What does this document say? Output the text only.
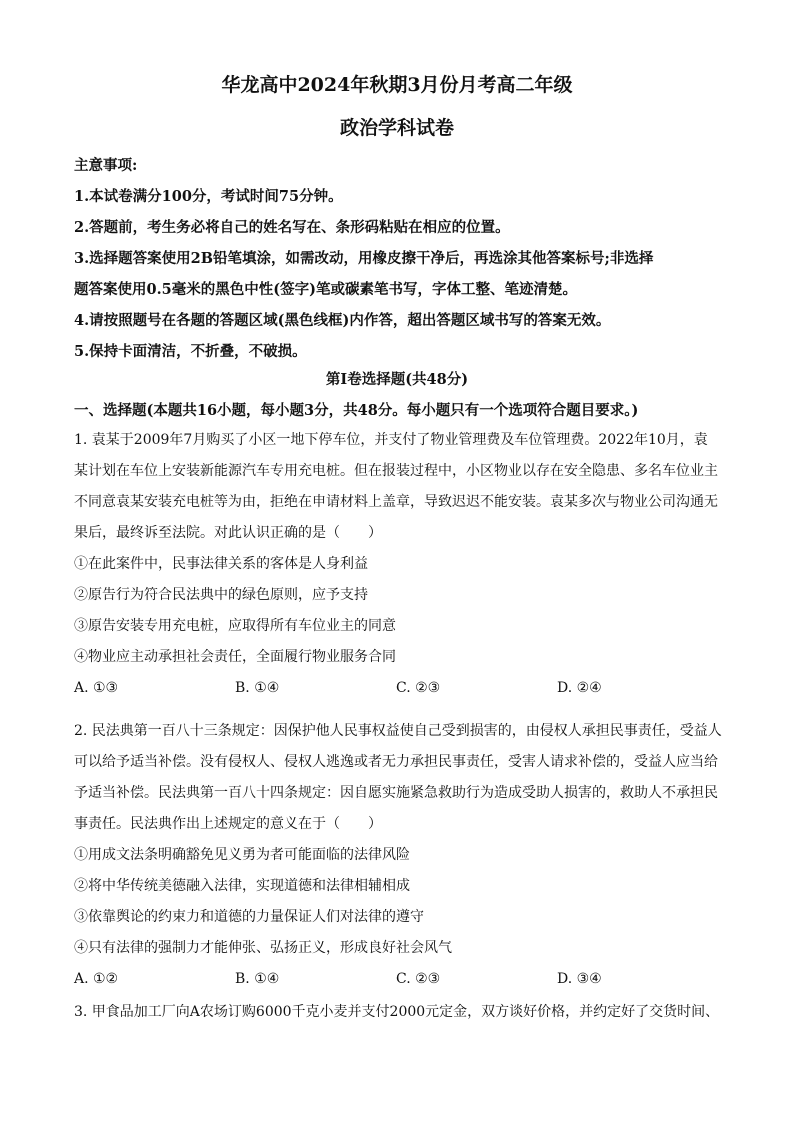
华龙高中2024年秋期3月份月考高二年级
政治学科试卷
主意事项:
1.本试卷满分100分，考试时间75分钟。
2.答题前，考生务必将自己的姓名写在、条形码粘贴在相应的位置。
3.选择题答案使用2B铅笔填涂，如需改动，用橡皮擦干净后，再选涂其他答案标号;非选择
题答案使用0.5毫米的黑色中性(签字)笔或碳素笔书写，字体工整、笔迹清楚。
4.请按照题号在各题的答题区域(黑色线框)内作答，超出答题区域书写的答案无效。
5.保持卡面清洁，不折叠，不破损。
第I卷选择题(共48分)
一、选择题(本题共16小题，每小题3分，共48分。每小题只有一个选项符合题目要求。)
1. 袁某于2009年7月购买了小区一地下停车位，并支付了物业管理费及车位管理费。2022年10月，袁
某计划在车位上安装新能源汽车专用充电桩。但在报装过程中，小区物业以存在安全隐患、多名车位业主
不同意袁某安装充电桩等为由，拒绝在申请材料上盖章，导致迟迟不能安装。袁某多次与物业公司沟通无
果后，最终诉至法院。对此认识正确的是（　　）
①在此案件中，民事法律关系的客体是人身利益
②原告行为符合民法典中的绿色原则，应予支持
③原告安装专用充电桩，应取得所有车位业主的同意
④物业应主动承担社会责任，全面履行物业服务合同
A. ①③	B. ①④	C. ②③	D. ②④
2. 民法典第一百八十三条规定：因保护他人民事权益使自己受到损害的，由侵权人承担民事责任，受益人
可以给予适当补偿。没有侵权人、侵权人逃逸或者无力承担民事责任，受害人请求补偿的，受益人应当给
予适当补偿。民法典第一百八十四条规定：因自愿实施紧急救助行为造成受助人损害的，救助人不承担民
事责任。民法典作出上述规定的意义在于（　　）
①用成文法条明确豁免见义勇为者可能面临的法律风险
②将中华传统美德融入法律，实现道德和法律相辅相成
③依靠舆论的约束力和道德的力量保证人们对法律的遵守
④只有法律的强制力才能伸张、弘扬正义，形成良好社会风气
A. ①②	B. ①④	C. ②③	D. ③④
3. 甲食品加工厂向A农场订购6000千克小麦并支付2000元定金，双方谈好价格，并约定好了交货时间、
